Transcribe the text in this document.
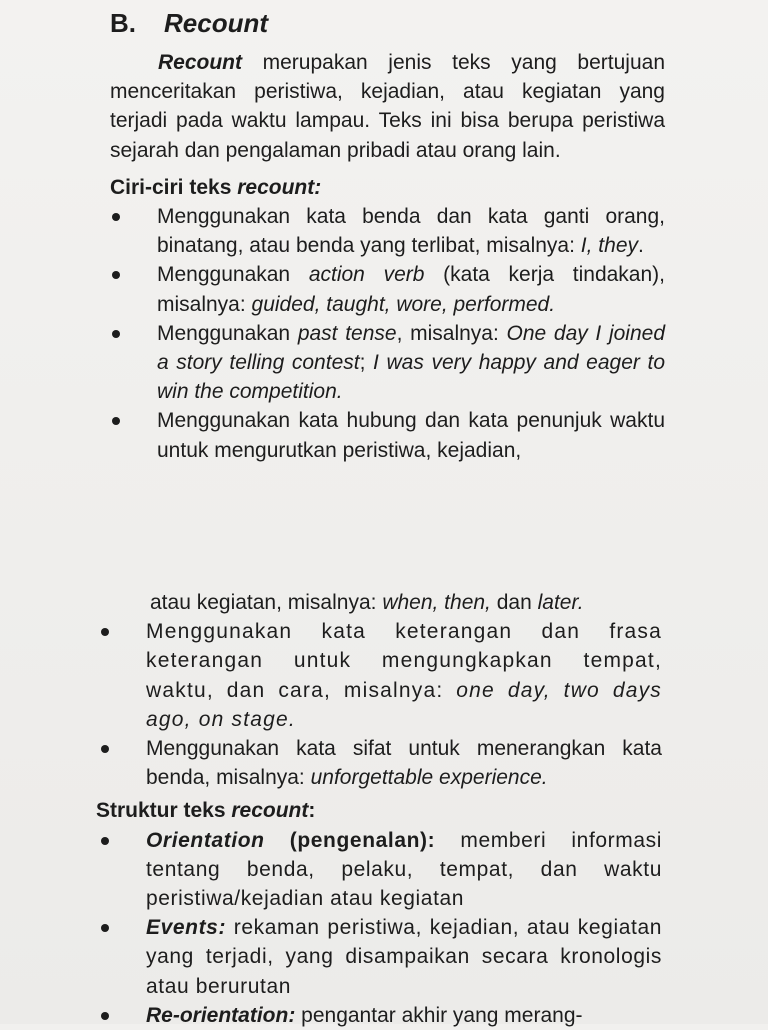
B. Recount

Recount merupakan jenis teks yang bertujuan menceritakan peristiwa, kejadian, atau kegiatan yang terjadi pada waktu lampau. Teks ini bisa berupa peristiwa sejarah dan pengalaman pribadi atau orang lain.

Ciri-ciri teks recount:

Menggunakan kata benda dan kata ganti orang, binatang, atau benda yang terlibat, misalnya: I, they.
Menggunakan action verb (kata kerja tindakan), misalnya: guided, taught, wore, performed.
Menggunakan past tense, misalnya: One day I joined a story telling contest; I was very happy and eager to win the competition.
Menggunakan kata hubung dan kata penunjuk waktu untuk mengurutkan peristiwa, kejadian,

atau kegiatan, misalnya: when, then, dan later.

Menggunakan kata keterangan dan frasa keterangan untuk mengungkapkan tempat, waktu, dan cara, misalnya: one day, two days ago, on stage.
Menggunakan kata sifat untuk menerangkan kata benda, misalnya: unforgettable experience.

Struktur teks recount:

Orientation (pengenalan): memberi informasi tentang benda, pelaku, tempat, dan waktu peristiwa/kejadian atau kegiatan
Events: rekaman peristiwa, kejadian, atau kegiatan yang terjadi, yang disampaikan secara kronologis atau berurutan
Re-orientation: pengantar akhir yang merang-
